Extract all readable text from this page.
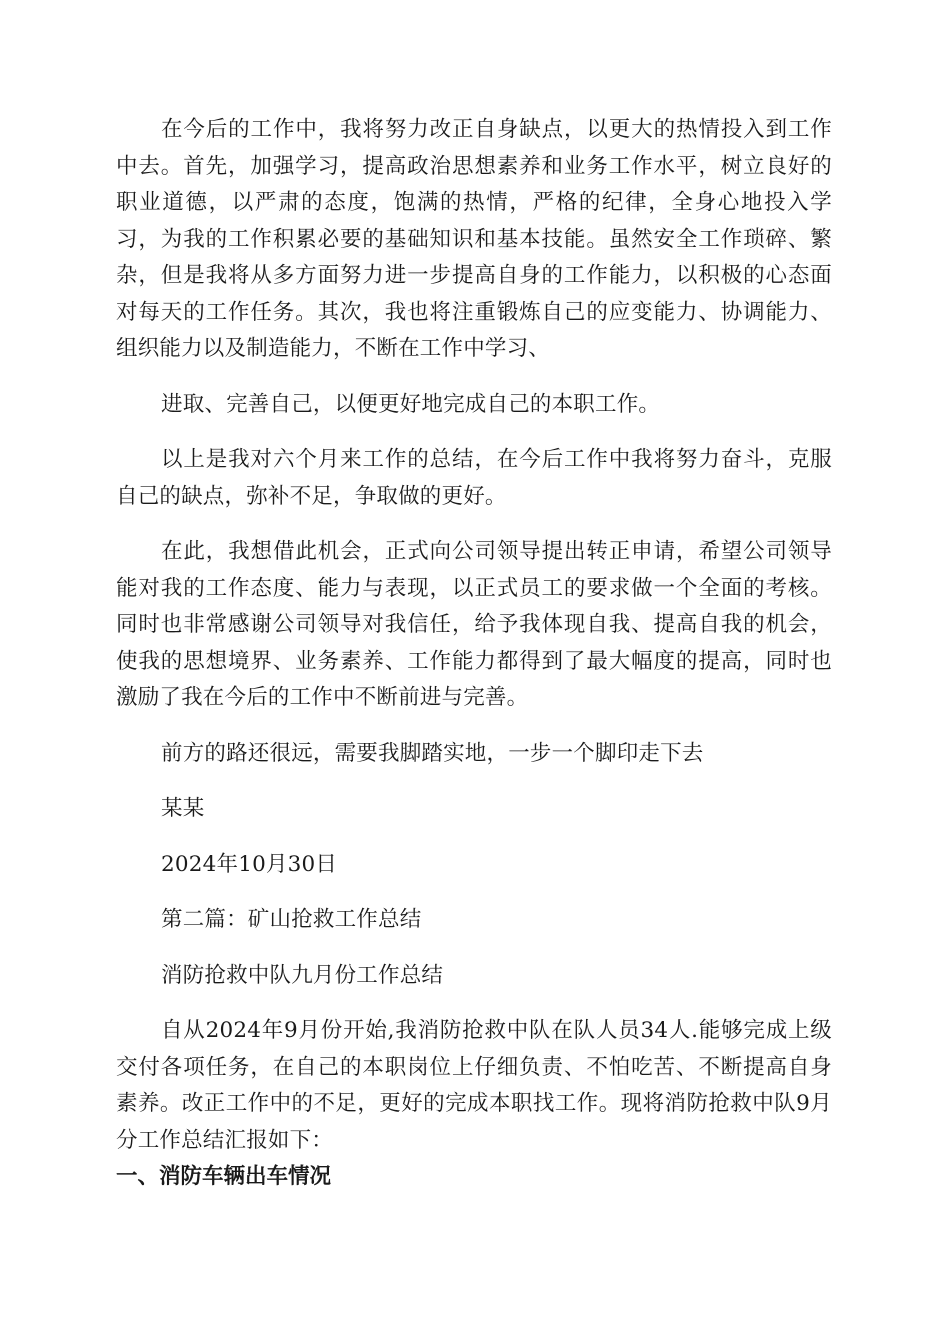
在今后的工作中，我将努力改正自身缺点，以更大的热情投入到工作中去。首先，加强学习，提高政治思想素养和业务工作水平，树立良好的职业道德，以严肃的态度，饱满的热情，严格的纪律，全身心地投入学习，为我的工作积累必要的基础知识和基本技能。虽然安全工作琐碎、繁杂，但是我将从多方面努力进一步提高自身的工作能力，以积极的心态面对每天的工作任务。其次，我也将注重锻炼自己的应变能力、协调能力、组织能力以及制造能力，不断在工作中学习、

进取、完善自己，以便更好地完成自己的本职工作。

以上是我对六个月来工作的总结，在今后工作中我将努力奋斗，克服自己的缺点，弥补不足，争取做的更好。

在此，我想借此机会，正式向公司领导提出转正申请，希望公司领导能对我的工作态度、能力与表现，以正式员工的要求做一个全面的考核。同时也非常感谢公司领导对我信任，给予我体现自我、提高自我的机会，使我的思想境界、业务素养、工作能力都得到了最大幅度的提高，同时也激励了我在今后的工作中不断前进与完善。

前方的路还很远，需要我脚踏实地，一步一个脚印走下去

某某

2024年10月30日

第二篇：矿山抢救工作总结

消防抢救中队九月份工作总结

自从2024年9月份开始,我消防抢救中队在队人员34人.能够完成上级交付各项任务，在自己的本职岗位上仔细负责、不怕吃苦、不断提高自身素养。改正工作中的不足，更好的完成本职找工作。现将消防抢救中队9月分工作总结汇报如下：

一、消防车辆出车情况
